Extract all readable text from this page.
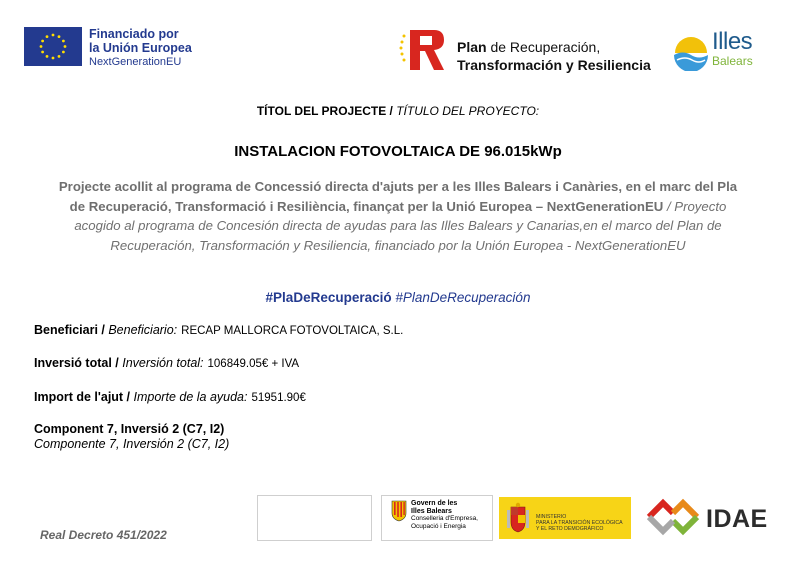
Financiado por
la Unión Europea
NextGenerationEU
Plan de Recuperación,
Transformación y Resiliencia
Illes
Balears
TÍTOL DEL PROJECTE / TÍTULO DEL PROYECTO:
INSTALACION FOTOVOLTAICA DE 96.015kWp
Projecte acollit al programa de Concessió directa d'ajuts per a les Illes Balears i Canàries, en el marc del Pla de Recuperació, Transformació i Resiliència, finançat per la Unió Europea – NextGenerationEU / Proyecto acogido al programa de Concesión directa de ayudas para las Illes Balears y Canarias,en el marco del Plan de Recuperación, Transformación y Resiliencia, financiado por la Unión Europea - NextGenerationEU
#PlaDeRecuperació #PlanDeRecuperación
Beneficiari / Beneficiario: RECAP MALLORCA FOTOVOLTAICA, S.L.
Inversió total / Inversión total: 106849.05€ + IVA
Import de l'ajut / Importe de la ayuda: 51951.90€
Component 7, Inversió 2 (C7, I2)
Componente 7, Inversión 2 (C7, I2)
Real Decreto 451/2022
Govern de les
Illes Balears
Conselleria d'Empresa,
Ocupació i Energia
MINISTERIO
PARA LA TRANSICIÓN ECOLÓGICA
Y EL RETO DEMOGRÁFICO	IDAE
